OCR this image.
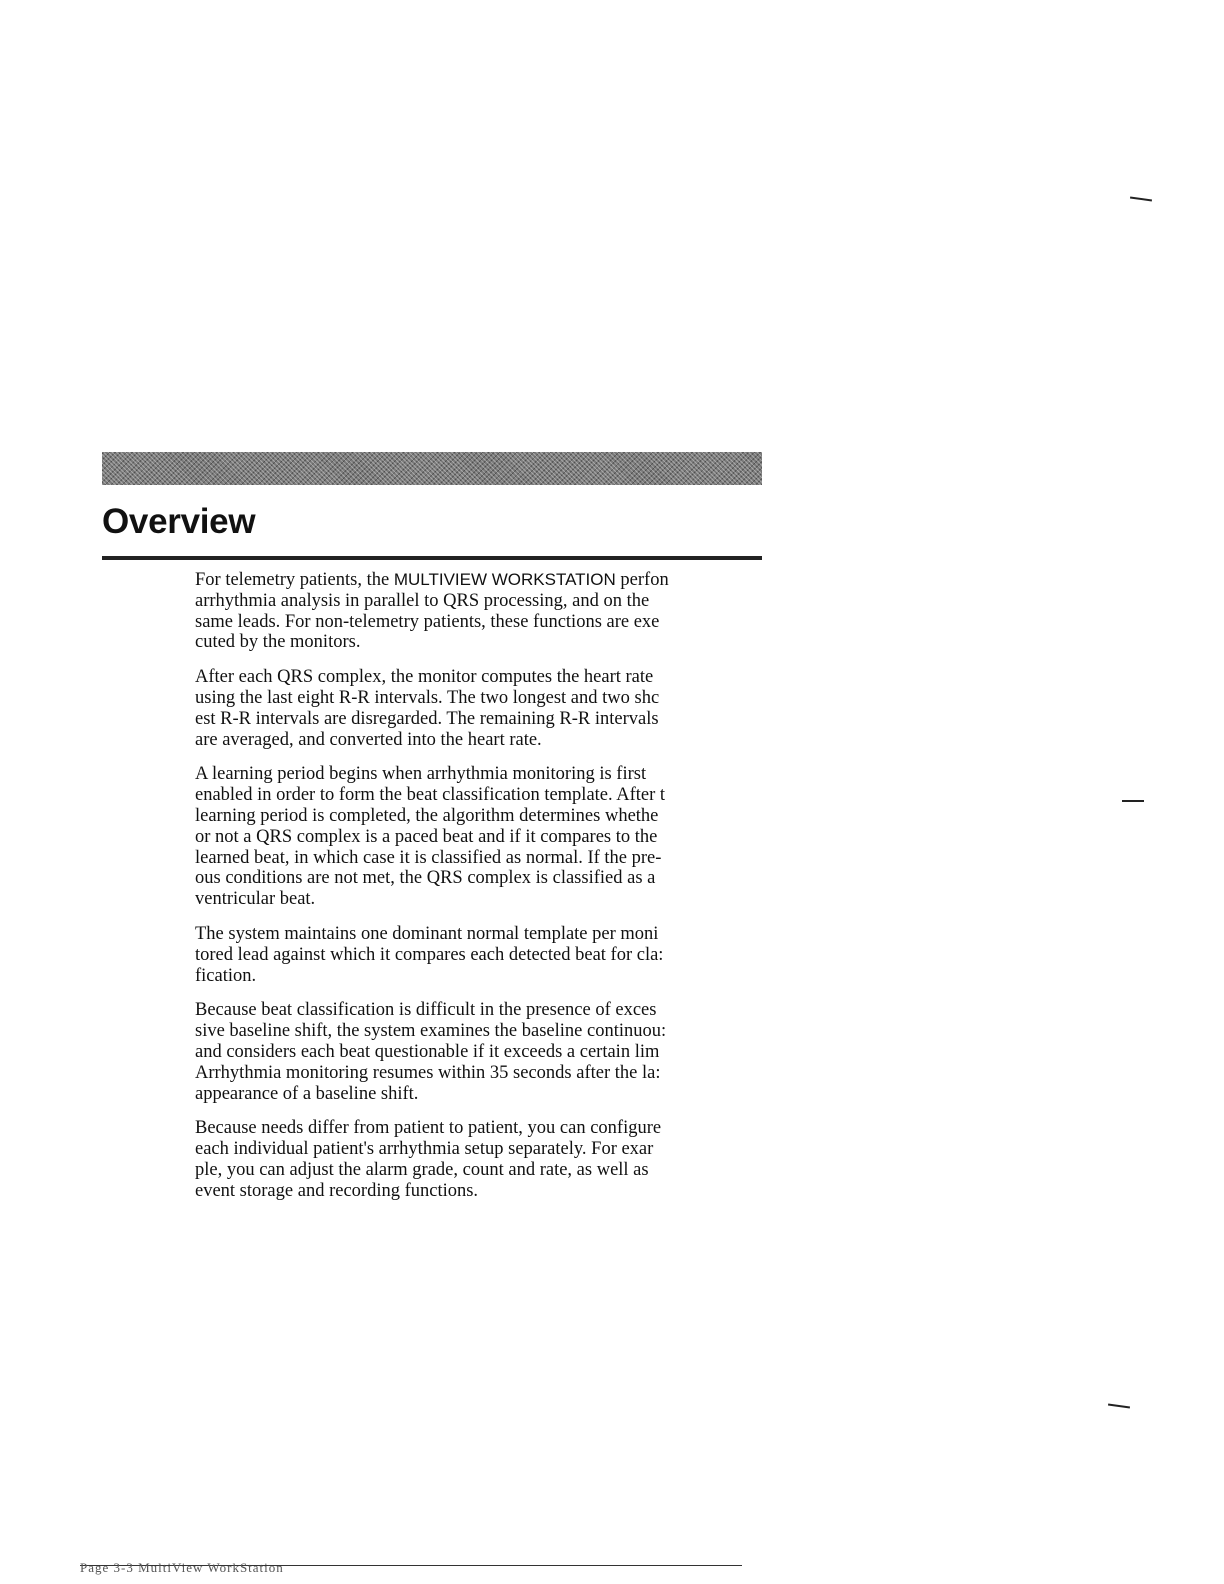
Overview

For telemetry patients, the MULTIVIEW WORKSTATION perfon
arrhythmia analysis in parallel to QRS processing, and on the
same leads. For non-telemetry patients, these functions are exe
cuted by the monitors.

After each QRS complex, the monitor computes the heart rate
using the last eight R-R intervals. The two longest and two shc
est R-R intervals are disregarded. The remaining R-R intervals
are averaged, and converted into the heart rate.

A learning period begins when arrhythmia monitoring is first
enabled in order to form the beat classification template. After t
learning period is completed, the algorithm determines whethe
or not a QRS complex is a paced beat and if it compares to the
learned beat, in which case it is classified as normal. If the pre-
ous conditions are not met, the QRS complex is classified as a
ventricular beat.

The system maintains one dominant normal template per moni
tored lead against which it compares each detected beat for cla:
fication.

Because beat classification is difficult in the presence of exces
sive baseline shift, the system examines the baseline continuou:
and considers each beat questionable if it exceeds a certain lim
Arrhythmia monitoring resumes within 35 seconds after the la:
appearance of a baseline shift.

Because needs differ from patient to patient, you can configure
each individual patient's arrhythmia setup separately. For exar
ple, you can adjust the alarm grade, count and rate, as well as
event storage and recording functions.

Page 3-3 MultiView WorkStation
